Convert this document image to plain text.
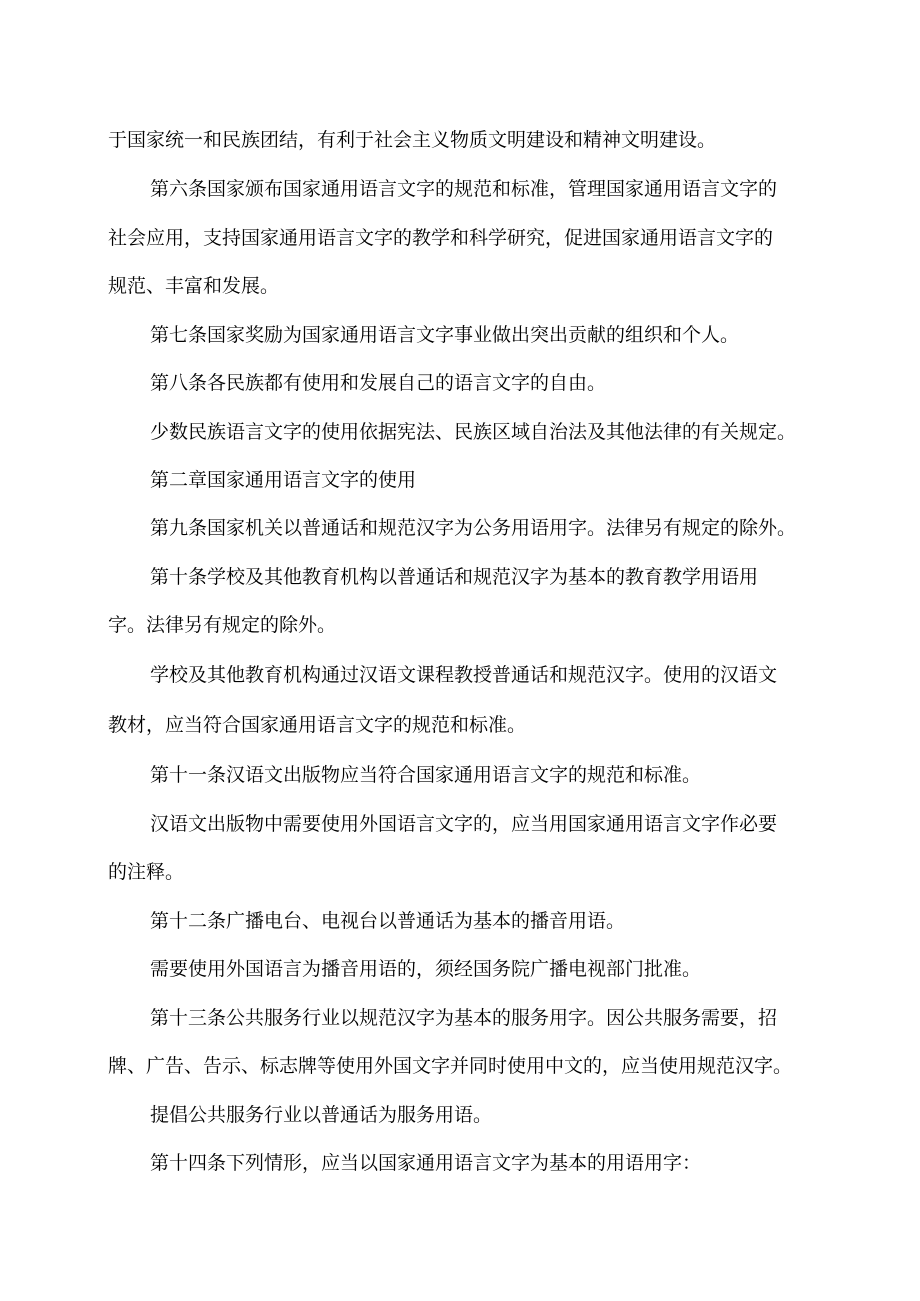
于国家统一和民族团结，有利于社会主义物质文明建设和精神文明建设。

第六条国家颁布国家通用语言文字的规范和标准，管理国家通用语言文字的

社会应用，支持国家通用语言文字的教学和科学研究，促进国家通用语言文字的

规范、丰富和发展。

第七条国家奖励为国家通用语言文字事业做出突出贡献的组织和个人。

第八条各民族都有使用和发展自己的语言文字的自由。

少数民族语言文字的使用依据宪法、民族区域自治法及其他法律的有关规定。

第二章国家通用语言文字的使用

第九条国家机关以普通话和规范汉字为公务用语用字。法律另有规定的除外。

第十条学校及其他教育机构以普通话和规范汉字为基本的教育教学用语用

字。法律另有规定的除外。

学校及其他教育机构通过汉语文课程教授普通话和规范汉字。使用的汉语文

教材，应当符合国家通用语言文字的规范和标准。

第十一条汉语文出版物应当符合国家通用语言文字的规范和标准。

汉语文出版物中需要使用外国语言文字的，应当用国家通用语言文字作必要

的注释。

第十二条广播电台、电视台以普通话为基本的播音用语。

需要使用外国语言为播音用语的，须经国务院广播电视部门批准。

第十三条公共服务行业以规范汉字为基本的服务用字。因公共服务需要，招

牌、广告、告示、标志牌等使用外国文字并同时使用中文的，应当使用规范汉字。

提倡公共服务行业以普通话为服务用语。

第十四条下列情形，应当以国家通用语言文字为基本的用语用字：
